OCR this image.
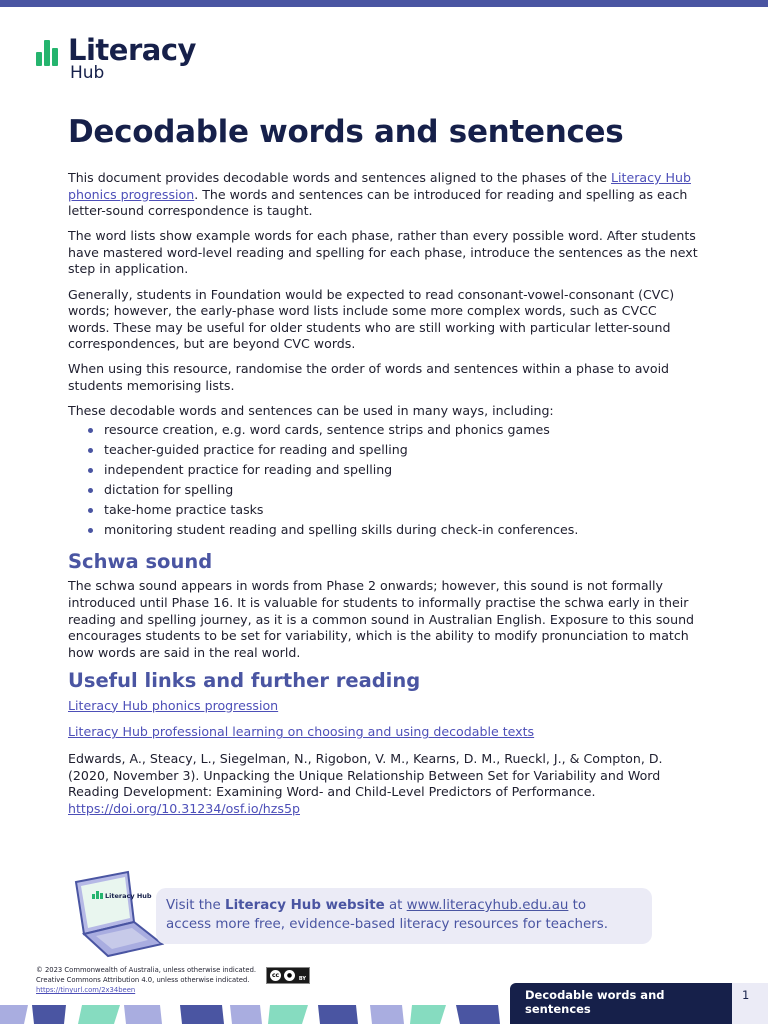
Literacy
Hub
Decodable words and sentences

This document provides decodable words and sentences aligned to the phases of the Literacy Hub phonics progression. The words and sentences can be introduced for reading and spelling as each letter-sound correspondence is taught.

The word lists show example words for each phase, rather than every possible word. After students have mastered word-level reading and spelling for each phase, introduce the sentences as the next step in application.

Generally, students in Foundation would be expected to read consonant-vowel-consonant (CVC) words; however, the early-phase word lists include some more complex words, such as CVCC words. These may be useful for older students who are still working with particular letter-sound correspondences, but are beyond CVC words.

When using this resource, randomise the order of words and sentences within a phase to avoid students memorising lists.

These decodable words and sentences can be used in many ways, including:

resource creation, e.g. word cards, sentence strips and phonics games
teacher-guided practice for reading and spelling
independent practice for reading and spelling
dictation for spelling
take-home practice tasks
monitoring student reading and spelling skills during check-in conferences.
Schwa sound

The schwa sound appears in words from Phase 2 onwards; however, this sound is not formally introduced until Phase 16. It is valuable for students to informally practise the schwa early in their reading and spelling journey, as it is a common sound in Australian English. Exposure to this sound encourages students to be set for variability, which is the ability to modify pronunciation to match how words are said in the real world.

Useful links and further reading

Literacy Hub phonics progression

Literacy Hub professional learning on choosing and using decodable texts

Edwards, A., Steacy, L., Siegelman, N., Rigobon, V. M., Kearns, D. M., Rueckl, J., & Compton, D. (2020, November 3). Unpacking the Unique Relationship Between Set for Variability and Word Reading Development: Examining Word- and Child-Level Predictors of Performance.
https://doi.org/10.31234/osf.io/hzs5p

Literacy Hub
Visit the Literacy Hub website at www.literacyhub.edu.au to
access more free, evidence-based literacy resources for teachers.
© 2023 Commonwealth of Australia, unless otherwise indicated.
Creative Commons Attribution 4.0, unless otherwise indicated.
https://tinyurl.com/2x34been
cc	●	BY
Decodable words and sentences
1
